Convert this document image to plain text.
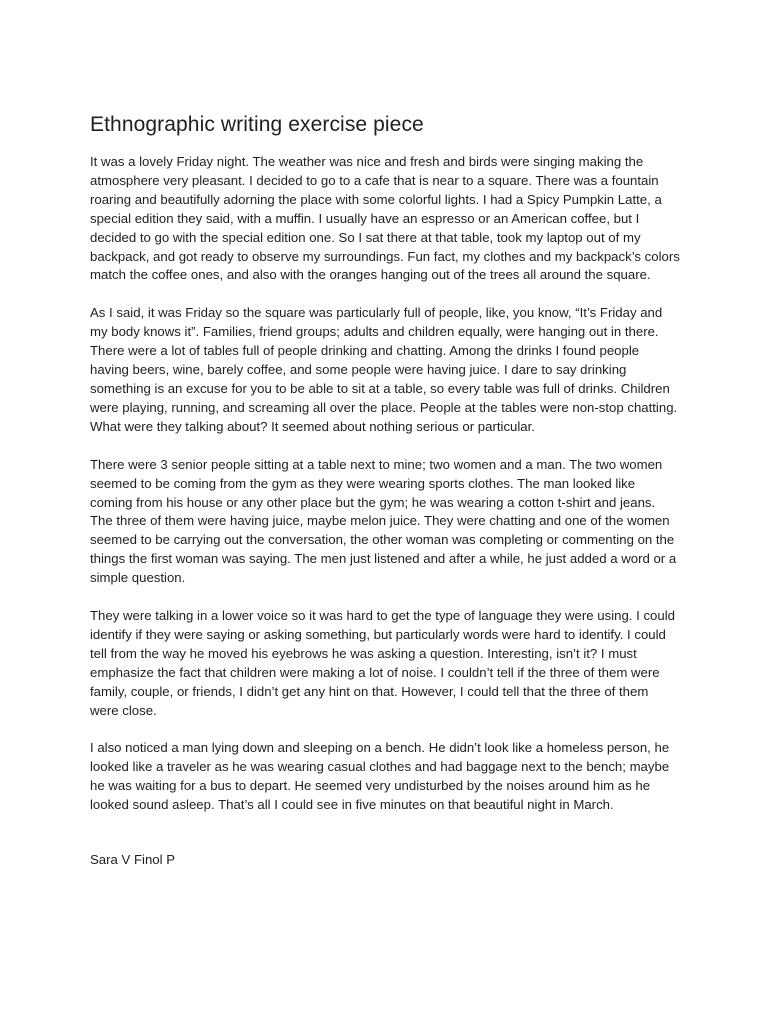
Ethnographic writing exercise piece

It was a lovely Friday night. The weather was nice and fresh and birds were singing making the atmosphere very pleasant. I decided to go to a cafe that is near to a square. There was a fountain roaring and beautifully adorning the place with some colorful lights. I had a Spicy Pumpkin Latte, a special edition they said, with a muffin. I usually have an espresso or an American coffee, but I decided to go with the special edition one. So I sat there at that table, took my laptop out of my backpack, and got ready to observe my surroundings. Fun fact, my clothes and my backpack’s colors match the coffee ones, and also with the oranges hanging out of the trees all around the square.

As I said, it was Friday so the square was particularly full of people, like, you know, “It’s Friday and my body knows it”. Families, friend groups; adults and children equally, were hanging out in there. There were a lot of tables full of people drinking and chatting. Among the drinks I found people having beers, wine, barely coffee, and some people were having juice. I dare to say drinking something is an excuse for you to be able to sit at a table, so every table was full of drinks. Children were playing, running, and screaming all over the place. People at the tables were non-stop chatting. What were they talking about? It seemed about nothing serious or particular.

There were 3 senior people sitting at a table next to mine; two women and a man. The two women seemed to be coming from the gym as they were wearing sports clothes. The man looked like coming from his house or any other place but the gym; he was wearing a cotton t-shirt and jeans. The three of them were having juice, maybe melon juice. They were chatting and one of the women seemed to be carrying out the conversation, the other woman was completing or commenting on the things the first woman was saying. The men just listened and after a while, he just added a word or a simple question.

They were talking in a lower voice so it was hard to get the type of language they were using. I could identify if they were saying or asking something, but particularly words were hard to identify. I could tell from the way he moved his eyebrows he was asking a question. Interesting, isn’t it? I must emphasize the fact that children were making a lot of noise. I couldn’t tell if the three of them were family, couple, or friends, I didn’t get any hint on that. However, I could tell that the three of them were close.

I also noticed a man lying down and sleeping on a bench. He didn’t look like a homeless person, he looked like a traveler as he was wearing casual clothes and had baggage next to the bench; maybe he was waiting for a bus to depart. He seemed very undisturbed by the noises around him as he looked sound asleep. That’s all I could see in five minutes on that beautiful night in March.

Sara V Finol P
